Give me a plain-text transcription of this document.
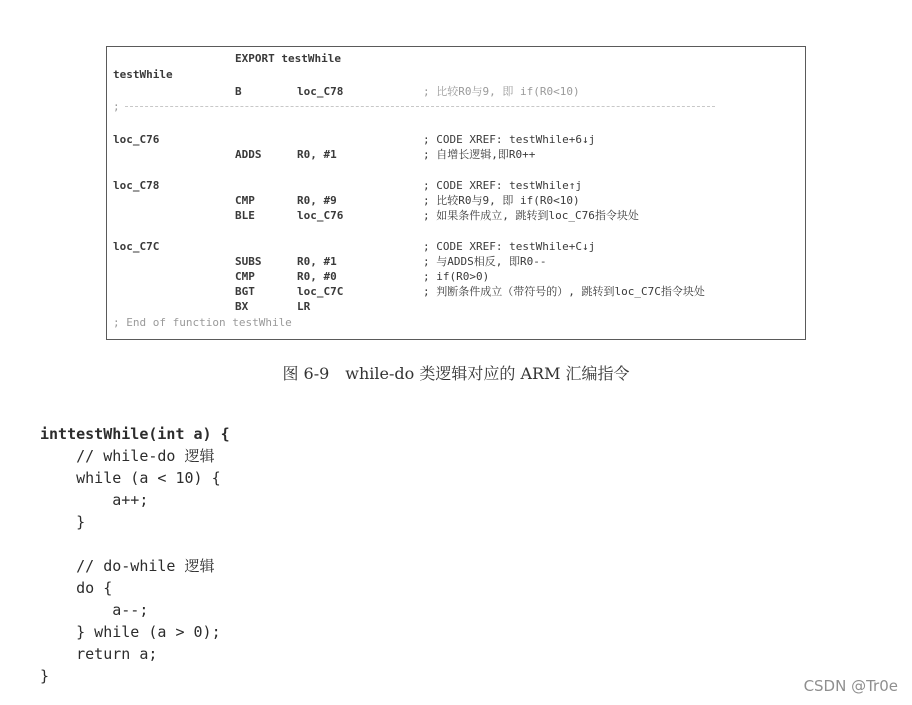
EXPORT testWhile
testWhile
B	loc_C78	; 比较R0与9, 即 if(R0<10)
;
loc_C76	; CODE XREF: testWhile+6↓j
ADDS	R0, #1	; 自增长逻辑,即R0++
loc_C78	; CODE XREF: testWhile↑j
CMP	R0, #9	; 比较R0与9, 即 if(R0<10)
BLE	loc_C76	; 如果条件成立, 跳转到loc_C76指令块处
loc_C7C	; CODE XREF: testWhile+C↓j
SUBS	R0, #1	; 与ADDS相反, 即R0--
CMP	R0, #0	; if(R0>0)
BGT	loc_C7C	; 判断条件成立（带符号的）, 跳转到loc_C7C指令块处
BX	LR
; End of function testWhile
图 6-9　while-do 类逻辑对应的 ARM 汇编指令
inttestWhile(int a) {
// while-do 逻辑
while (a < 10) {
a++;
}
// do-while 逻辑
do {
a--;
} while (a > 0);
return a;
}
CSDN @Tr0e
